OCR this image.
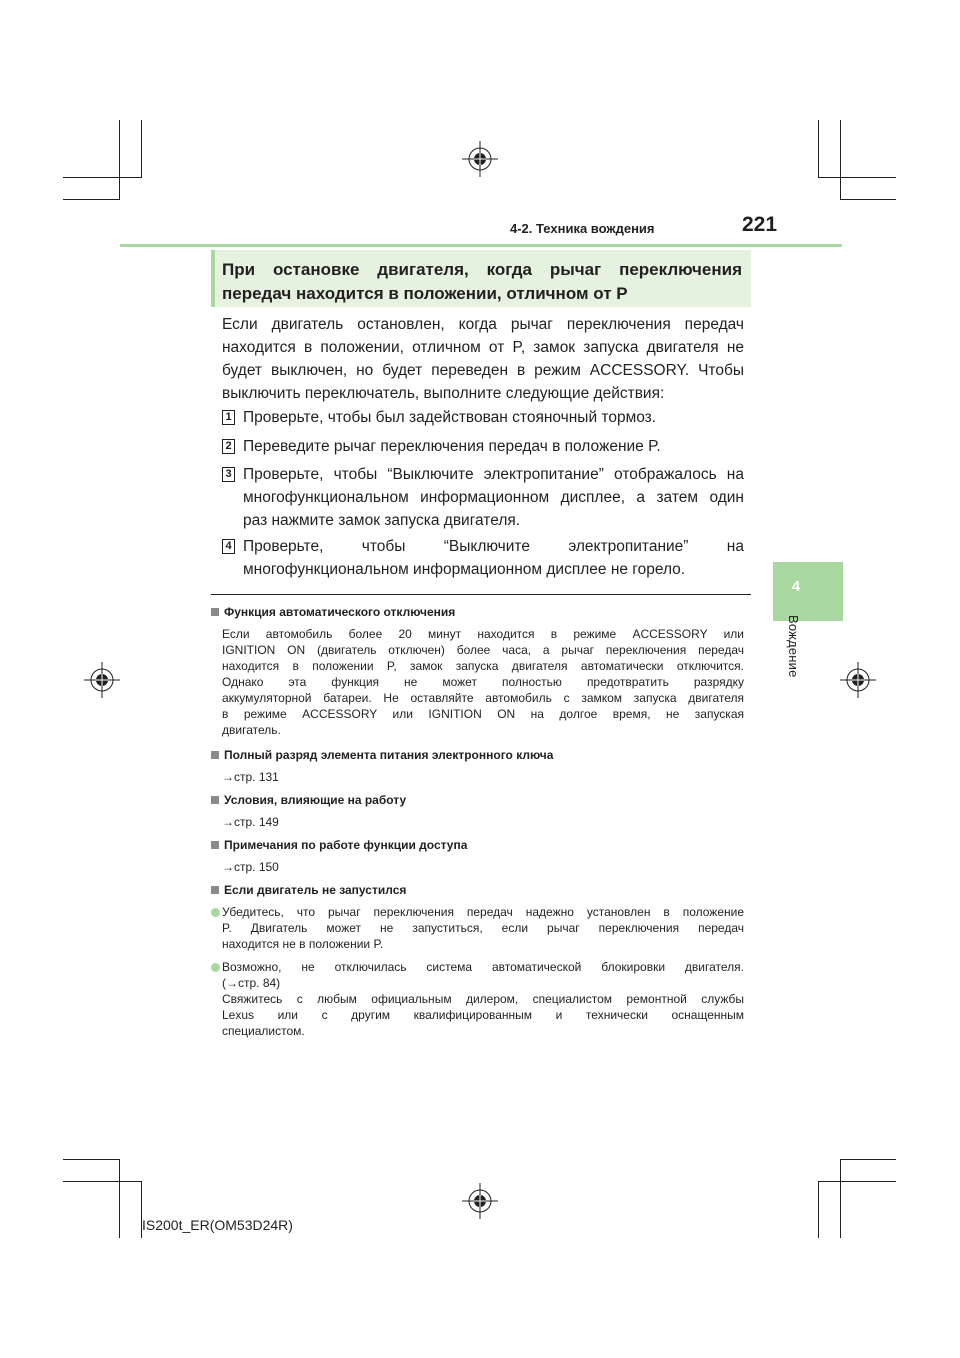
4-2. Техника вождения	221
4
Вождение
При остановке двигателя, когда рычаг переключения
передач находится в положении, отличном от P
Если двигатель остановлен, когда рычаг переключения передач
находится в положении, отличном от P, замок запуска двигателя не
будет выключен, но будет переведен в режим ACCESSORY. Чтобы
выключить переключатель, выполните следующие действия:
1 Проверьте, чтобы был задействован стояночный тормоз.
2 Переведите рычаг переключения передач в положение P.
3 Проверьте, чтобы “Выключите электропитание” отображалось на
многофункциональном информационном дисплее, а затем один
раз нажмите замок запуска двигателя.
4 Проверьте, чтобы “Выключите электропитание” на
многофункциональном информационном дисплее не горело.
Функция автоматического отключения
Если автомобиль более 20 минут находится в режиме ACCESSORY или
IGNITION ON (двигатель отключен) более часа, а рычаг переключения передач
находится в положении P, замок запуска двигателя автоматически отключится.
Однако эта функция не может полностью предотвратить разрядку
аккумуляторной батареи. Не оставляйте автомобиль с замком запуска двигателя
в режиме ACCESSORY или IGNITION ON на долгое время, не запуская
двигатель.
Полный разряд элемента питания электронного ключа
→стр. 131
Условия, влияющие на работу
→стр. 149
Примечания по работе функции доступа
→стр. 150
Если двигатель не запустился
Убедитесь, что рычаг переключения передач надежно установлен в положение
P. Двигатель может не запуститься, если рычаг переключения передач
находится не в положении P.
Возможно, не отключилась система автоматической блокировки двигателя.
(→стр. 84)
Свяжитесь с любым официальным дилером, специалистом ремонтной службы
Lexus или с другим квалифицированным и технически оснащенным
специалистом.
IS200t_ER(OM53D24R)
